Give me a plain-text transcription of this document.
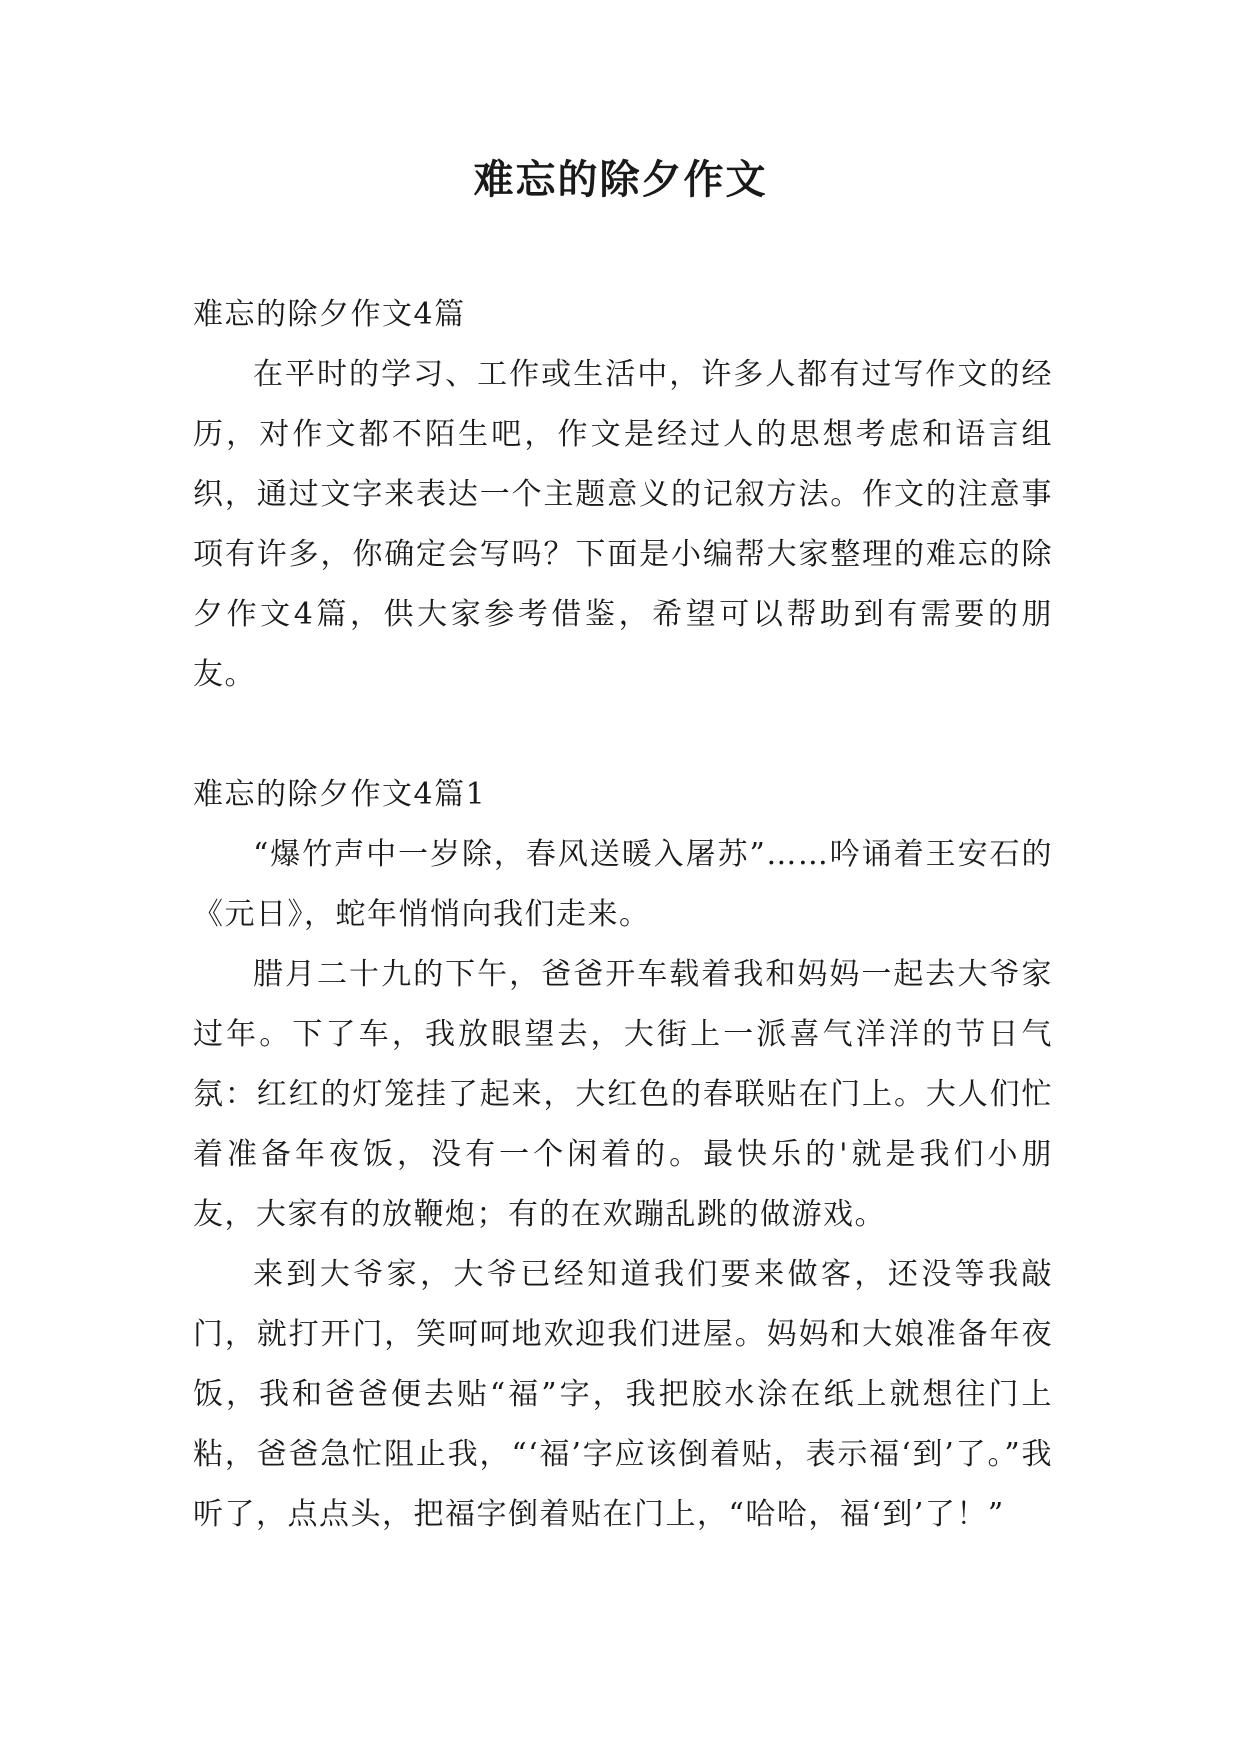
难忘的除夕作文

难忘的除夕作文4篇

在平时的学习、工作或生活中，许多人都有过写作文的经历，对作文都不陌生吧，作文是经过人的思想考虑和语言组织，通过文字来表达一个主题意义的记叙方法。作文的注意事项有许多，你确定会写吗？下面是小编帮大家整理的难忘的除夕作文4篇，供大家参考借鉴，希望可以帮助到有需要的朋友。

难忘的除夕作文4篇1

“爆竹声中一岁除，春风送暖入屠苏”……吟诵着王安石的《元日》，蛇年悄悄向我们走来。

腊月二十九的下午，爸爸开车载着我和妈妈一起去大爷家过年。下了车，我放眼望去，大街上一派喜气洋洋的节日气氛：红红的灯笼挂了起来，大红色的春联贴在门上。大人们忙着准备年夜饭，没有一个闲着的。最快乐的'就是我们小朋友，大家有的放鞭炮；有的在欢蹦乱跳的做游戏。

来到大爷家，大爷已经知道我们要来做客，还没等我敲门，就打开门，笑呵呵地欢迎我们进屋。妈妈和大娘准备年夜饭，我和爸爸便去贴“福”字，我把胶水涂在纸上就想往门上粘，爸爸急忙阻止我，“‘福’字应该倒着贴，表示福‘到’了。”我听了，点点头，把福字倒着贴在门上，“哈哈，福‘到’了！”
